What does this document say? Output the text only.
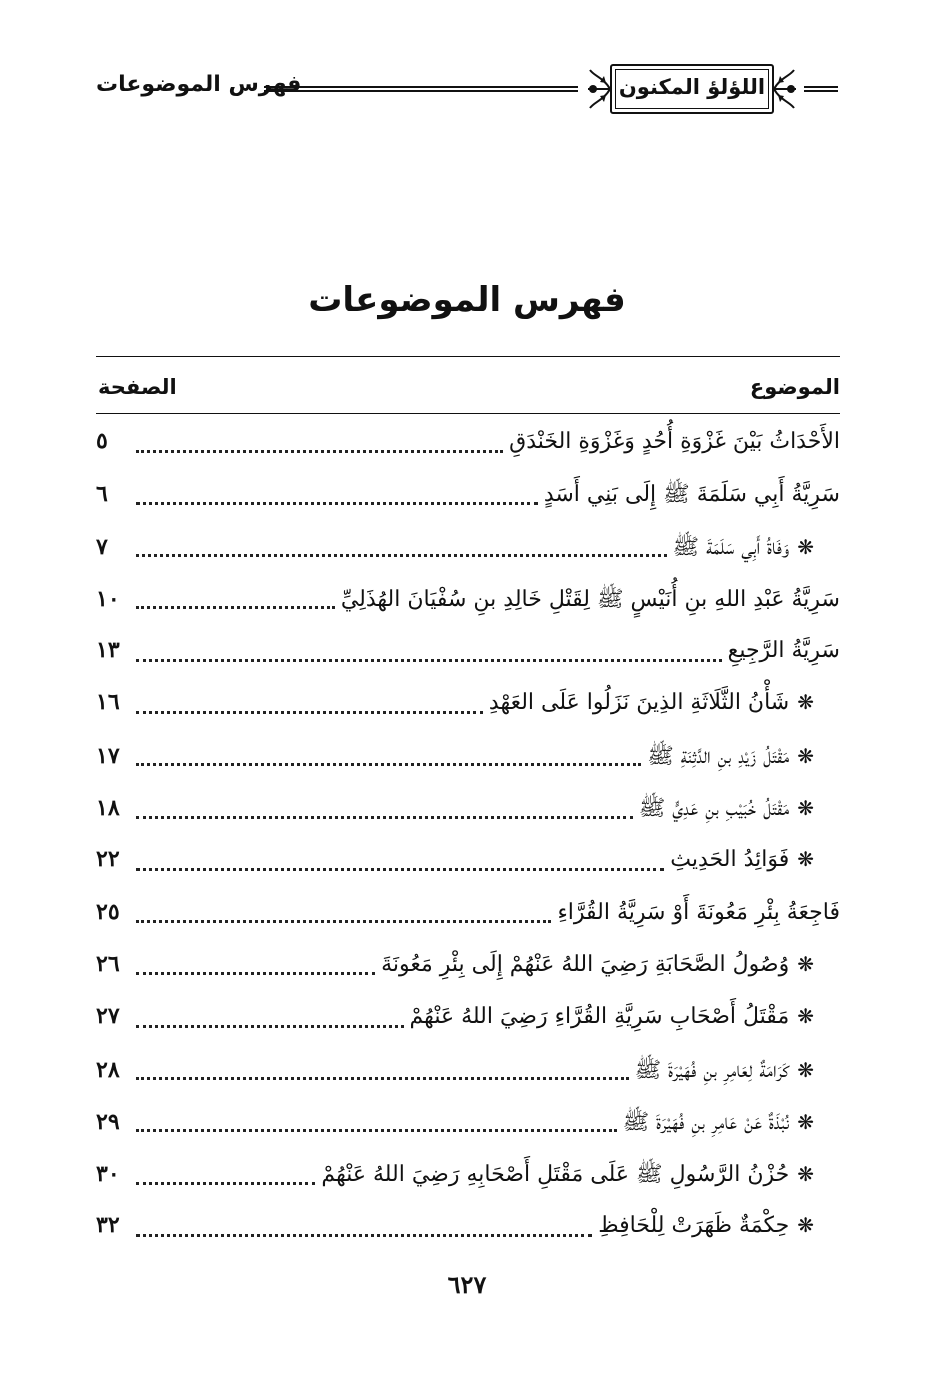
فهرس الموضوعات	اللؤلؤ المكنون
فهرس الموضوعات
الموضوع
الصفحة
الأَحْدَاثُ بَيْنَ غَزْوَةِ أُحُدٍ وَغَزْوَةِ الخَنْدَقِ
٥
سَرِيَّةُ أَبِي سَلَمَةَ ﷺ إِلَى بَنِي أَسَدٍ
٦
❋
وَفَاةُ أَبِي سَلَمَةَ ﷺ
٧
سَرِيَّةُ عَبْدِ اللهِ بنِ أُنَيْسٍ ﷺ لِقَتْلِ خَالِدِ بنِ سُفْيَانَ الهُذَلِيِّ
١٠
سَرِيَّةُ الرَّجِيعِ
١٣
❋
شَأْنُ الثَّلَاثَةِ الذِينَ نَزَلُوا عَلَى العَهْدِ
١٦
❋
مَقْتَلُ زَيْدِ بنِ الدَّثِنَةِ ﷺ
١٧
❋
مَقْتَلُ خُبَيْبِ بنِ عَدِيٍّ ﷺ
١٨
❋
فَوَائِدُ الحَدِيثِ
٢٢
فَاجِعَةُ بِئْرِ مَعُونَةَ أَوْ سَرِيَّةُ القُرَّاءِ
٢٥
❋
وُصُولُ الصَّحَابَةِ رَضِيَ اللهُ عَنْهُمْ إِلَى بِئْرِ مَعُونَةَ
٢٦
❋
مَقْتَلُ أَصْحَابِ سَرِيَّةِ القُرَّاءِ رَضِيَ اللهُ عَنْهُمْ
٢٧
❋
كَرَامَةٌ لِعَامِرِ بنِ فُهَيْرَةَ ﷺ
٢٨
❋
نُبْذَةٌ عَنْ عَامِرِ بنِ فُهَيْرَةَ ﷺ
٢٩
❋
حُزْنُ الرَّسُولِ ﷺ عَلَى مَقْتَلِ أَصْحَابِهِ رَضِيَ اللهُ عَنْهُمْ
٣٠
❋
حِكْمَةٌ ظَهَرَتْ لِلْحَافِظِ
٣٢
٦٢٧
